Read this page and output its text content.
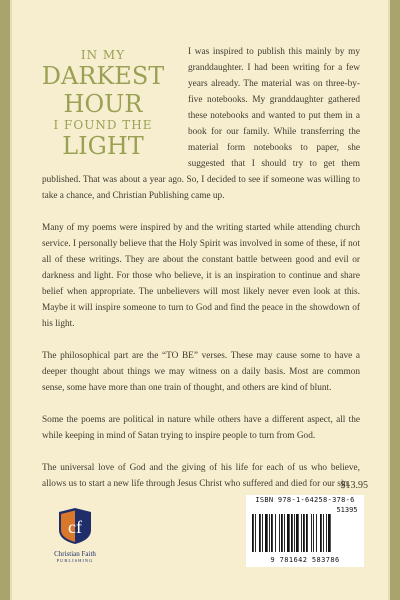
IN MY
DARKEST
HOUR
I FOUND THE
LIGHT

I was inspired to publish this mainly by my granddaughter. I had been writing for a few years already. The material was on three-by-five notebooks. My granddaughter gathered these notebooks and wanted to put them in a book for our family. While transferring the material form notebooks to paper, she suggested that I should try to get them published. That was about a year ago. So, I decided to see if someone was willing to take a chance, and Christian Publishing came up.

Many of my poems were inspired by and the writing started while attending church service. I personally believe that the Holy Spirit was involved in some of these, if not all of these writings. They are about the constant battle between good and evil or darkness and light. For those who believe, it is an inspiration to continue and share belief when appropriate. The unbelievers will most likely never even look at this. Maybe it will inspire someone to turn to God and find the peace in the showdown of his light.

The philosophical part are the “TO BE” verses. These may cause some to have a deeper thought about things we may witness on a daily basis. Most are common sense, some have more than one train of thought, and others are kind of blunt.

Some the poems are political in nature while others have a different aspect, all the while keeping in mind of Satan trying to inspire people to turn from God.

The universal love of God and the giving of his life for each of us who believe, allows us to start a new life through Jesus Christ who suffered and died for our sin.

$13.95
cf
Christian Faith
PUBLISHING
ISBN 978-1-64258-378-6
51395
9 781642 583786
